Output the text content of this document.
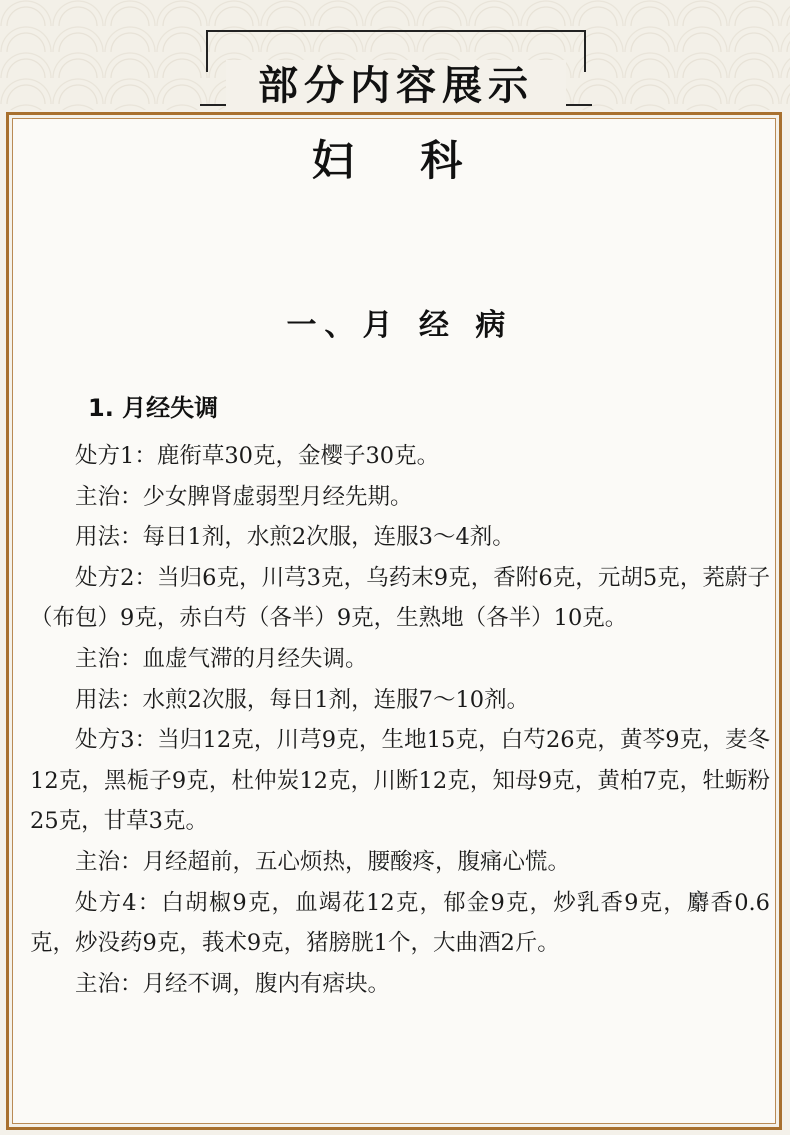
部分内容展示
妇 科
一、月 经 病
1. 月经失调

处方1：鹿衔草30克，金樱子30克。

主治：少女脾肾虚弱型月经先期。

用法：每日1剂，水煎2次服，连服3～4剂。

处方2：当归6克，川芎3克，乌药末9克，香附6克，元胡5克，茺蔚子（布包）9克，赤白芍（各半）9克，生熟地（各半）10克。

主治：血虚气滞的月经失调。

用法：水煎2次服，每日1剂，连服7～10剂。

处方3：当归12克，川芎9克，生地15克，白芍26克，黄芩9克，麦冬12克，黑栀子9克，杜仲炭12克，川断12克，知母9克，黄柏7克，牡蛎粉25克，甘草3克。

主治：月经超前，五心烦热，腰酸疼，腹痛心慌。

处方4：白胡椒9克，血竭花12克，郁金9克，炒乳香9克，麝香0.6克，炒没药9克，莪术9克，猪膀胱1个，大曲酒2斤。

主治：月经不调，腹内有痞块。
